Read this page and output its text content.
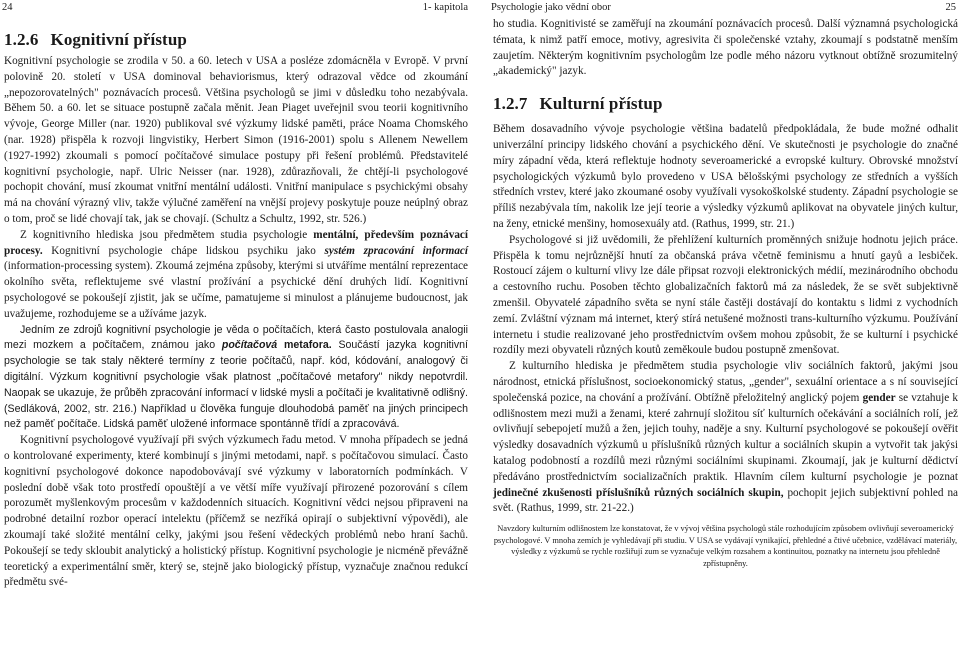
24	1- kapitola
1.2.6 Kognitivní přístup

Kognitivní psychologie se zrodila v 50. a 60. letech v USA a posléze zdomácněla v Evropě. V první polovině 20. století v USA dominoval behaviorismus, který odrazoval vědce od zkoumání „nepozorovatelných" poznávacích procesů. Většina psychologů se jimi v důsledku toho nezabývala. Během 50. a 60. let se situace postupně začala měnit. Jean Piaget uveřejnil svou teorii kognitivního vývoje, George Miller (nar. 1920) publikoval své výzkumy lidské paměti, práce Noama Chomského (nar. 1928) přispěla k rozvoji lingvistiky, Herbert Simon (1916-2001) spolu s Allenem Newellem (1927-1992) zkoumali s pomocí počítačové simulace postupy při řešení problémů. Představitelé kognitivní psychologie, např. Ulric Neisser (nar. 1928), zdůrazňovali, že chtějí-li psychologové pochopit chování, musí zkoumat vnitřní mentální události. Vnitřní manipulace s psychickými obsahy má na chování výrazný vliv, takže výlučné zaměření na vnější projevy poskytuje pouze neúplný obraz o tom, proč se lidé chovají tak, jak se chovají. (Schultz a Schultz, 1992, str. 526.)

Z kognitivního hlediska jsou předmětem studia psychologie mentální, především poznávací procesy. Kognitivní psychologie chápe lidskou psychiku jako systém zpracování informací (information-processing system). Zkoumá zejména způsoby, kterými si utváříme mentální reprezentace okolního světa, reflektujeme své vlastní prožívání a psychické dění druhých lidí. Kognitivní psychologové se pokoušejí zjistit, jak se učíme, pamatujeme si minulost a plánujeme budoucnost, jak uvažujeme, rozhodujeme se a užíváme jazyk.

Jedním ze zdrojů kognitivní psychologie je věda o počítačích, která často postulovala analogii mezi mozkem a počítačem, známou jako počítačová metafora. Součástí jazyka kognitivní psychologie se tak staly některé termíny z teorie počítačů, např. kód, kódování, analogový či digitální. Výzkum kognitivní psychologie však platnost „počítačové metafory" nikdy nepotvrdil. Naopak se ukazuje, že průběh zpracování informací v lidské mysli a počítači je kvalitativně odlišný. (Sedláková, 2002, str. 216.) Například u člověka funguje dlouhodobá paměť na jiných principech než paměť počítače. Lidská paměť uložené informace spontánně třídí a zpracovává.

Kognitivní psychologové využívají při svých výzkumech řadu metod. V mnoha případech se jedná o kontrolované experimenty, které kombinují s jinými metodami, např. s počítačovou simulací. Často kognitivní psychologové dokonce napodobovávají své výzkumy v laboratorních podmínkách. V poslední době však toto prostředí opouštějí a ve větší míře využívají přirozené pozorování s cílem porozumět myšlenkovým procesům v každodenních situacích. Kognitivní vědci nejsou připraveni na podrobné detailní rozbor operací intelektu (příčemž se nezříká opirají o subjektivní výpovědi), ale zkoumají také složité mentální celky, jakými jsou řešení vědeckých problémů nebo hraní šachů. Pokoušejí se tedy skloubit analytický a holistický přístup. Kognitivní psychologie je nicméně převážně teoretický a experimentální směr, který se, stejně jako biologický přístup, vyznačuje značnou redukcí předmětu své-

Psychologie jako vědní obor	25

ho studia. Kognitivisté se zaměřují na zkoumání poznávacích procesů. Další významná psychologická témata, k nimž patří emoce, motivy, agresivita či společenské vztahy, zkoumají s podstatně menším zaujetím. Některým kognitivním psychologům lze podle mého názoru vytknout obtížně srozumitelný „akademický" jazyk.

1.2.7 Kulturní přístup

Během dosavadního vývoje psychologie většina badatelů předpokládala, že bude možné odhalit univerzální principy lidského chování a psychického dění. Ve skutečnosti je psychologie do značné míry západní věda, která reflektuje hodnoty severoamerické a evropské kultury. Obrovské množství psychologických výzkumů bylo provedeno v USA bělošskými psychology ze středních a vyšších středních vrstev, které jako zkoumané osoby využívali vysokoškolské studenty. Západní psychologie se příliš nezabývala tím, nakolik lze její teorie a výsledky výzkumů aplikovat na obyvatele jiných kultur, na ženy, etnické menšiny, homosexuály atd. (Rathus, 1999, str. 21.)

Psychologové si již uvědomili, že přehlížení kulturních proměnných snižuje hodnotu jejich práce. Přispěla k tomu nejrůznější hnutí za občanská práva včetně feminismu a hnutí gayů a lesbiček. Rostoucí zájem o kulturní vlivy lze dále připsat rozvoji elektronických médií, mezinárodního obchodu a cestovního ruchu. Posoben těchto globalizačních faktorů má za následek, že se svět subjektivně zmenšil. Obyvatelé západního světa se nyní stále častěji dostávají do kontaktu s lidmi z vychodních zemí. Zvláštní význam má internet, který stírá netušené možnosti trans-kulturního výzkumu. Používání internetu i studie realizované jeho prostřednictvím ovšem mohou způsobit, že se kulturní i psychické rozdíly mezi obyvateli různých koutů zeměkoule budou postupně zmenšovat.

Z kulturního hlediska je předmětem studia psychologie vliv sociálních faktorů, jakými jsou národnost, etnická příslušnost, socioekonomický status, „gender", sexuální orientace a s ní související společenská pozice, na chování a prožívání. Obtížně přeložitelný anglický pojem gender se vztahuje k odlišnostem mezi muži a ženami, které zahrnují složitou síť kulturních očekávání a sociálních rolí, jež ovlivňují sebepojetí mužů a žen, jejich touhy, naděje a sny. Kulturní psychologové se pokoušejí ověřit výsledky dosavadních výzkumů u příslušníků různých kultur a sociálních skupin a vytvořit tak jakýsi katalog podobností a rozdílů mezi různými sociálními skupinami. Zkoumají, jak je kulturní dědictví předáváno prostřednictvím socializačních praktik. Hlavním cílem kulturní psychologie je poznat jedinečné zkušenosti příslušníků různých sociálních skupin, pochopit jejich subjektivní pohled na svět. (Rathus, 1999, str. 21-22.)

Navzdory kulturním odlišnostem lze konstatovat, že v vývoj většina psychologů stále rozhodujícím způsobem ovlivňují severoamerický psychologové. V mnoha zemích je vyhledávají při studiu. V USA se vydávají vynikající, přehledné a čtivé učebnice, vzdělávací materiály, výsledky z výzkumů se rychle rozšiřují zum se vyznačuje velkým rozsahem a kontinuitou, poznatky na internetu jsou přehledně zpřístupněny.
